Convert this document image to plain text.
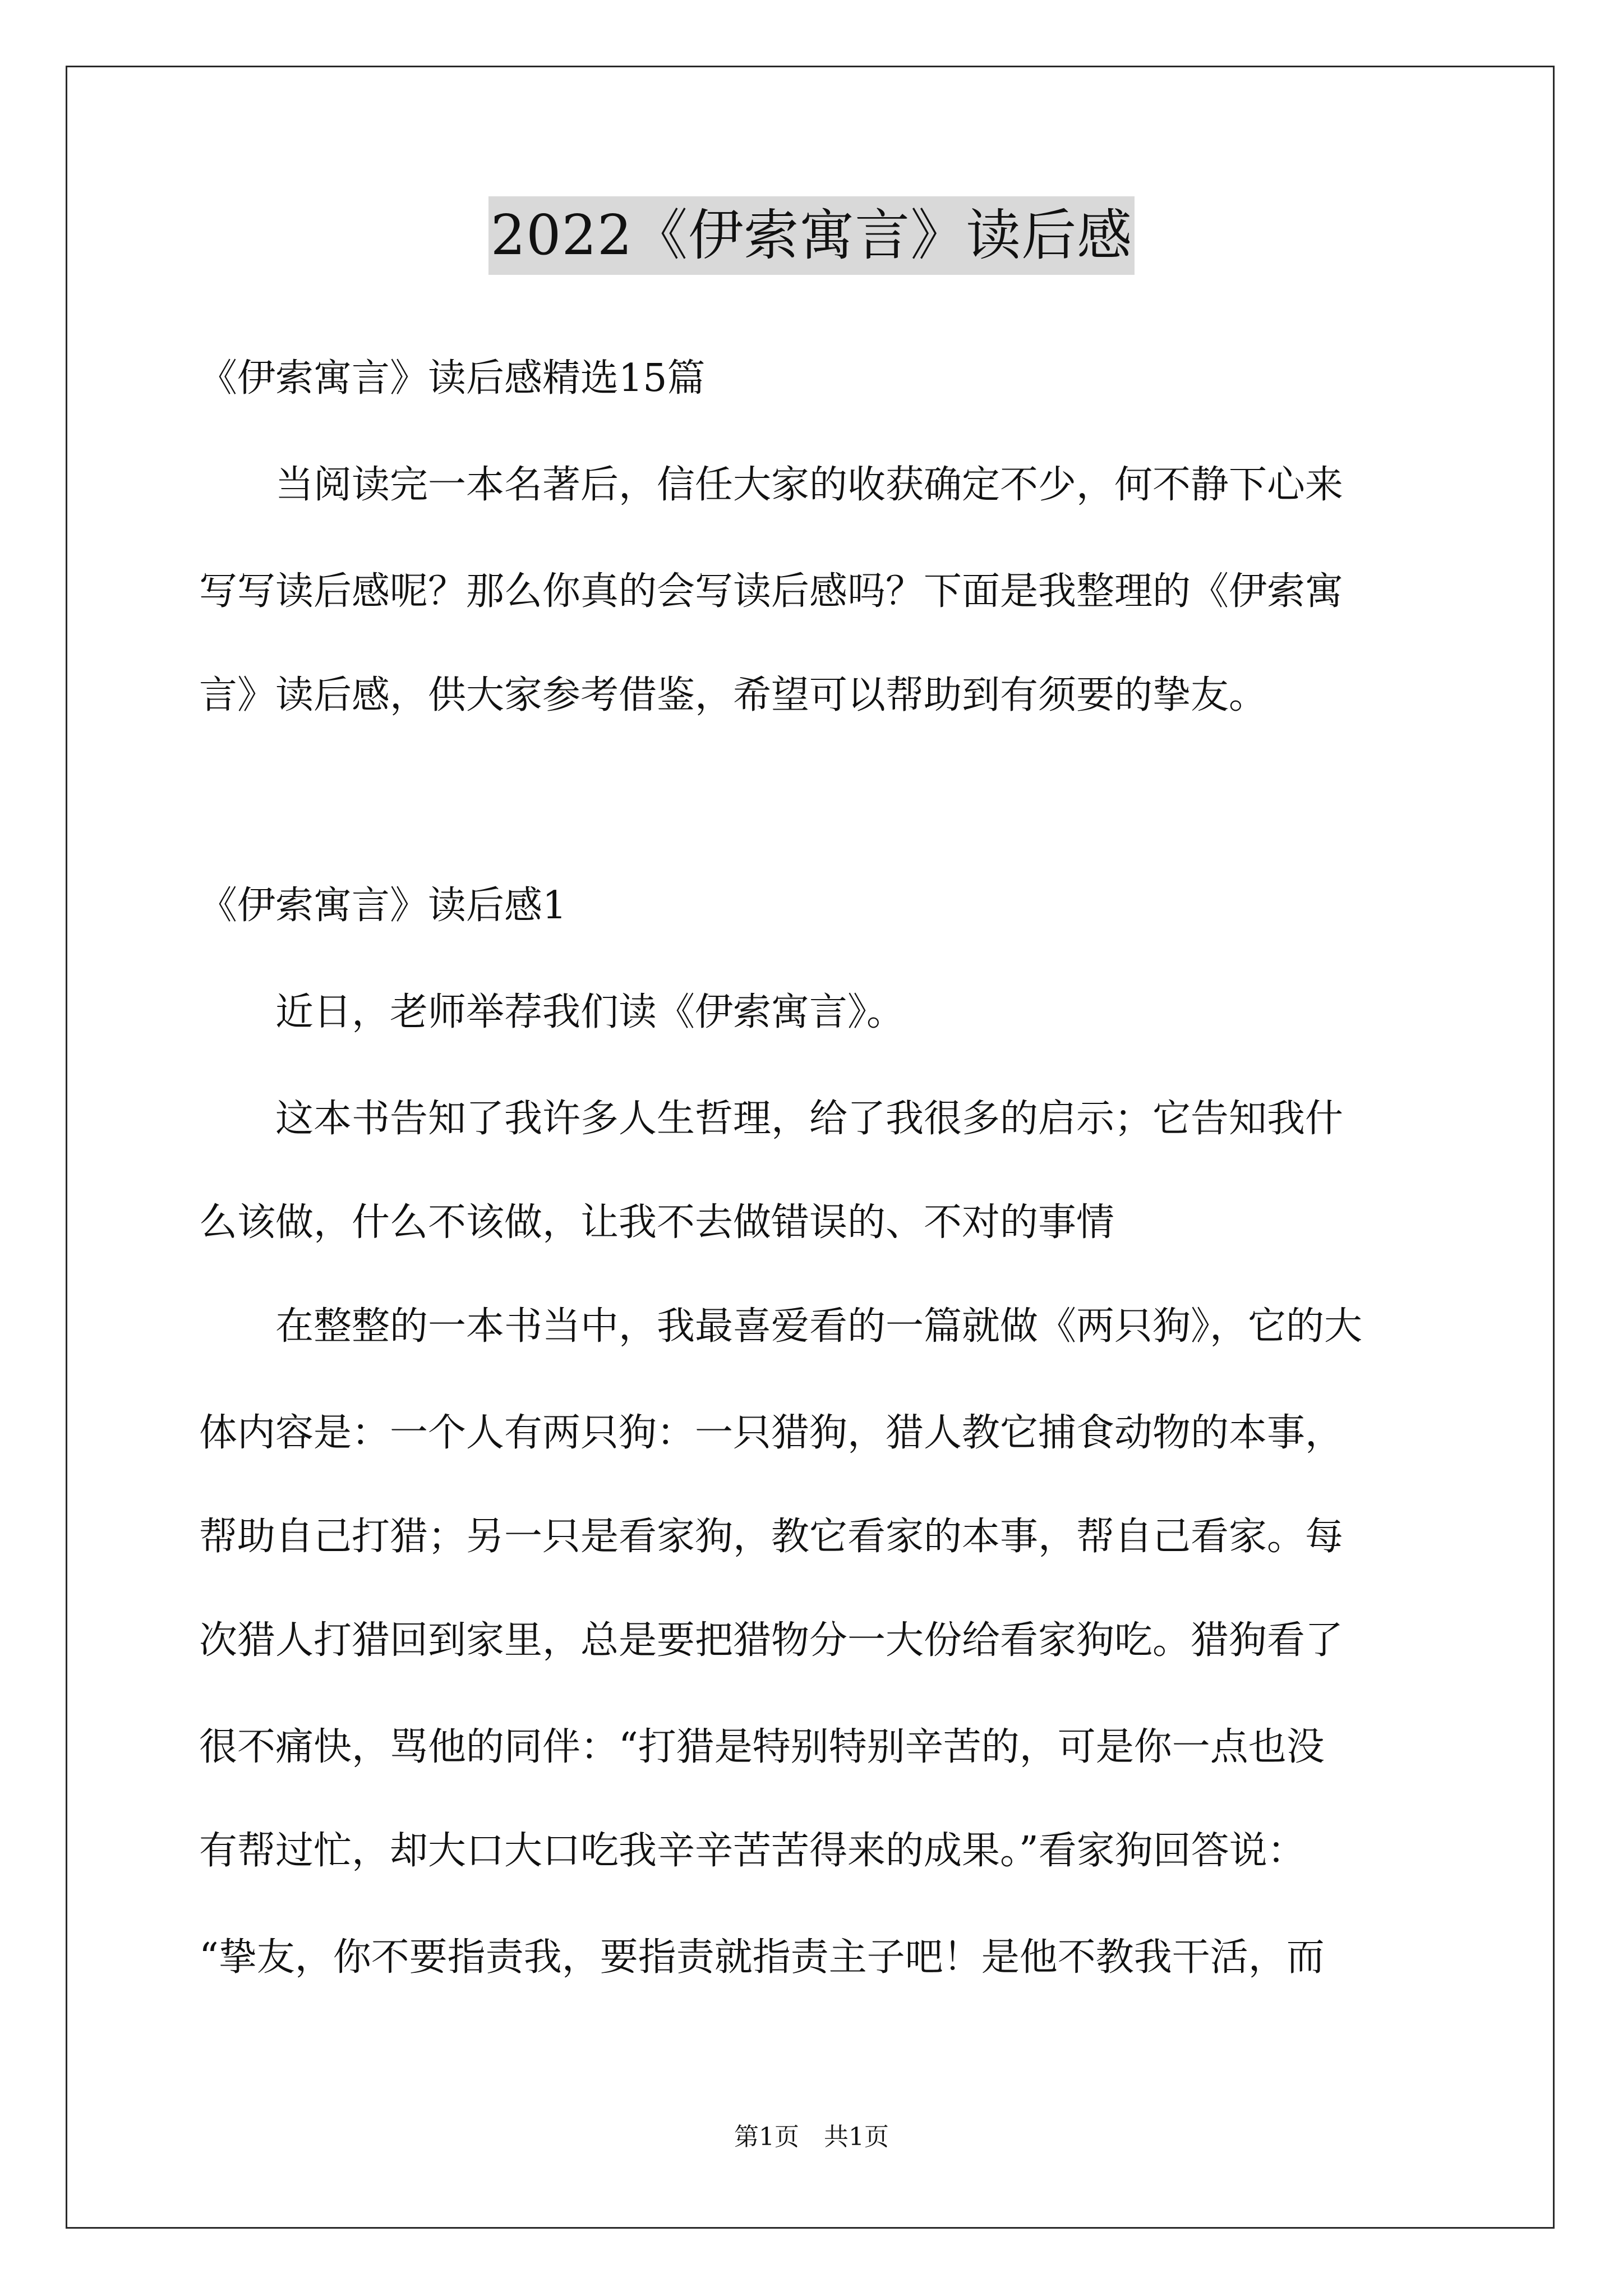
2022《伊索寓言》读后感

《伊索寓言》读后感精选15篇

　　当阅读完一本名著后，信任大家的收获确定不少，何不静下心来

写写读后感呢？那么你真的会写读后感吗？下面是我整理的《伊索寓

言》读后感，供大家参考借鉴，希望可以帮助到有须要的挚友。

《伊索寓言》读后感1

　　近日，老师举荐我们读《伊索寓言》。

　　这本书告知了我许多人生哲理，给了我很多的启示；它告知我什

么该做，什么不该做，让我不去做错误的、不对的事情

　　在整整的一本书当中，我最喜爱看的一篇就做《两只狗》，它的大

体内容是：一个人有两只狗：一只猎狗，猎人教它捕食动物的本事，

帮助自己打猎；另一只是看家狗，教它看家的本事，帮自己看家。每

次猎人打猎回到家里，总是要把猎物分一大份给看家狗吃。猎狗看了

很不痛快，骂他的同伴：“打猎是特别特别辛苦的，可是你一点也没

有帮过忙，却大口大口吃我辛辛苦苦得来的成果。”看家狗回答说：

“挚友，你不要指责我，要指责就指责主子吧！是他不教我干活，而

第1页　共1页
